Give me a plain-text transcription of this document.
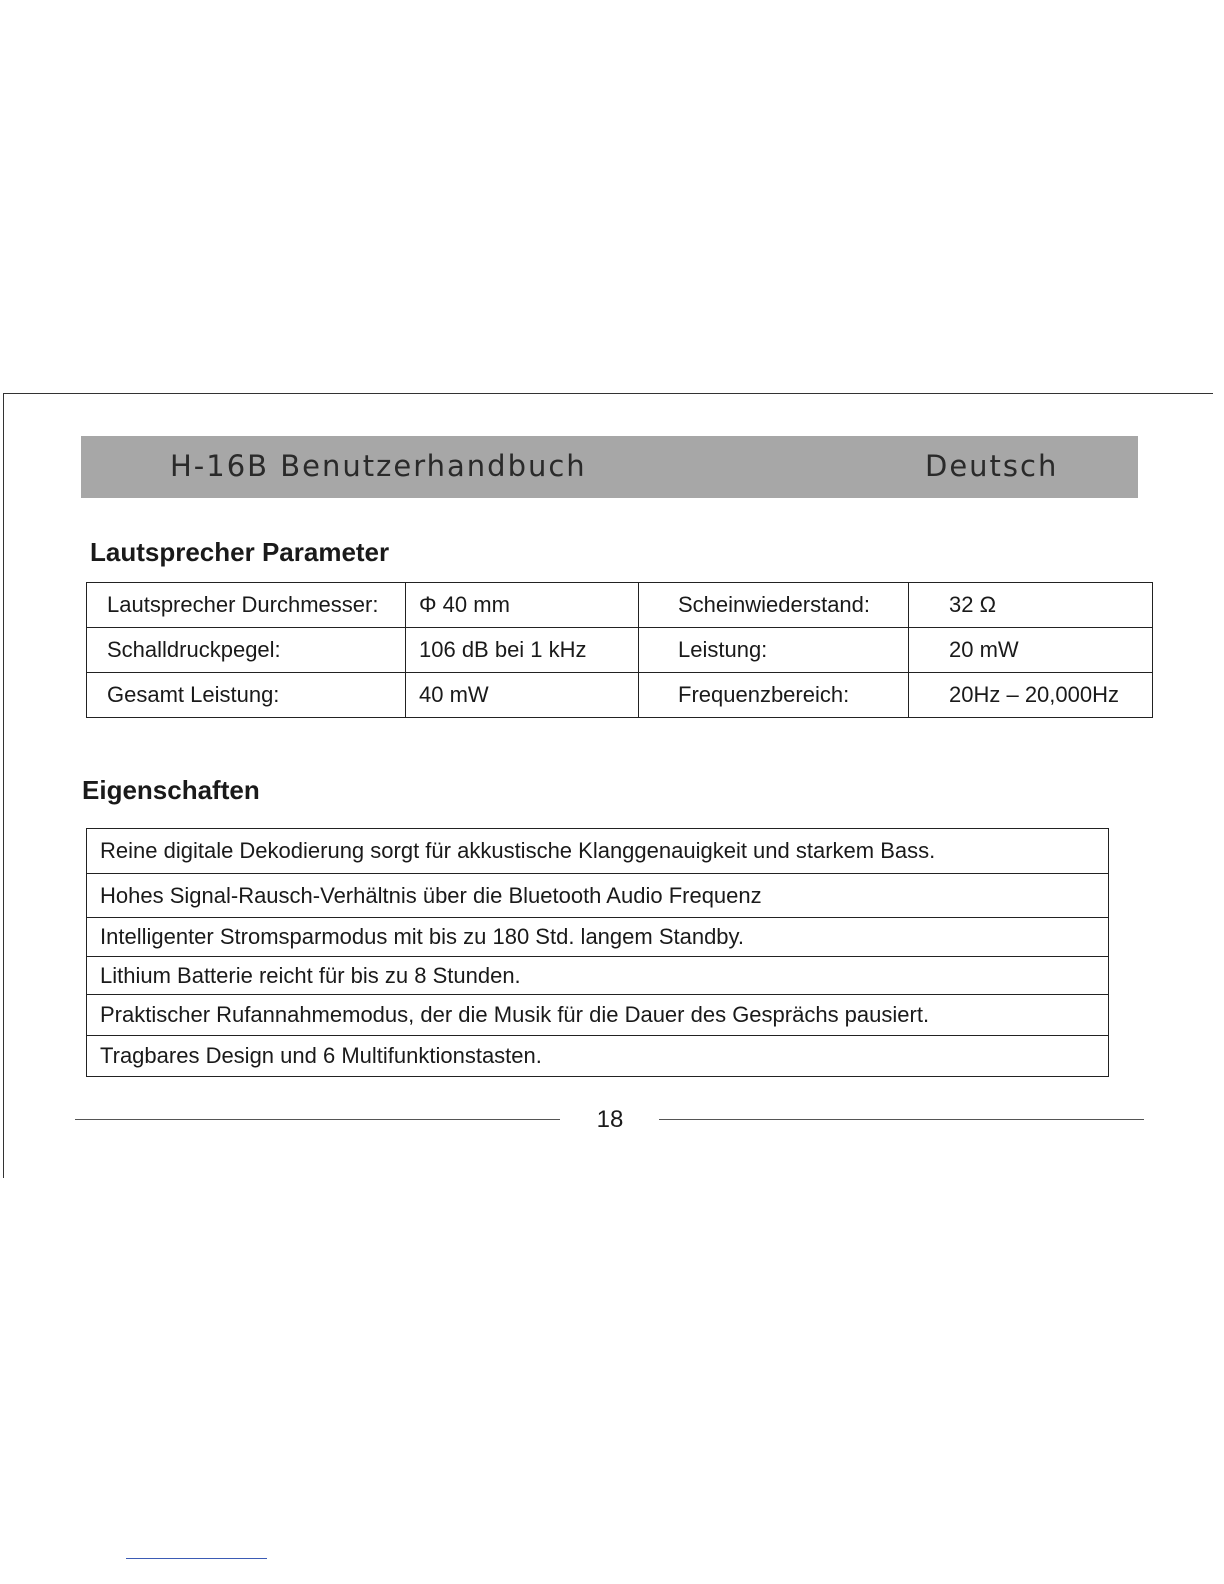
H-16B Benutzerhandbuch	Deutsch
Lautsprecher Parameter
Lautsprecher Durchmesser:	Φ 40 mm	Scheinwiederstand:	32 Ω
Schalldruckpegel:	106 dB bei 1 kHz	Leistung:	20 mW
Gesamt Leistung:	40 mW	Frequenzbereich:	20Hz – 20,000Hz
Eigenschaften
Reine digitale Dekodierung sorgt für akkustische Klanggenauigkeit und starkem Bass.
Hohes Signal-Rausch-Verhältnis über die Bluetooth Audio Frequenz
Intelligenter Stromsparmodus mit bis zu 180 Std. langem Standby.
Lithium Batterie reicht für bis zu 8 Stunden.
Praktischer Rufannahmemodus, der die Musik für die Dauer des Gesprächs pausiert.
Tragbares Design und 6 Multifunktionstasten.
18
